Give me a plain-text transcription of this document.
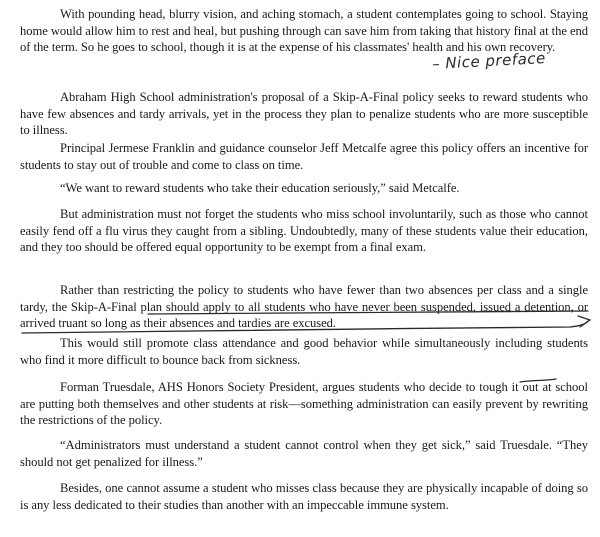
With pounding head, blurry vision, and aching stomach, a student contemplates going to school. Staying home would allow him to rest and heal, but pushing through can save him from taking that history final at the end of the term. So he goes to school, though it is at the expense of his classmates' health and his own recovery.

Abraham High School administration's proposal of a Skip-A-Final policy seeks to reward students who have few absences and tardy arrivals, yet in the process they plan to penalize students who are more susceptible to illness.

Principal Jermese Franklin and guidance counselor Jeff Metcalfe agree this policy offers an incentive for students to stay out of trouble and come to class on time.

“We want to reward students who take their education seriously,” said Metcalfe.

But administration must not forget the students who miss school involuntarily, such as those who cannot easily fend off a flu virus they caught from a sibling. Undoubtedly, many of these students value their education, and they too should be offered equal opportunity to be exempt from a final exam.

Rather than restricting the policy to students who have fewer than two absences per class and a single tardy, the Skip-A-Final plan should apply to all students who have never been suspended, issued a detention, or arrived truant so long as their absences and tardies are excused.

This would still promote class attendance and good behavior while simultaneously including students who find it more difficult to bounce back from sickness.

Forman Truesdale, AHS Honors Society President, argues students who decide to tough it out at school are putting both themselves and other students at risk—something administration can easily prevent by rewriting the restrictions of the policy.

“Administrators must understand a student cannot control when they get sick,” said Truesdale. “They should not get penalized for illness.”

Besides, one cannot assume a student who misses class because they are physically incapable of doing so is any less dedicated to their studies than another with an impeccable immune system.

– Nice preface
